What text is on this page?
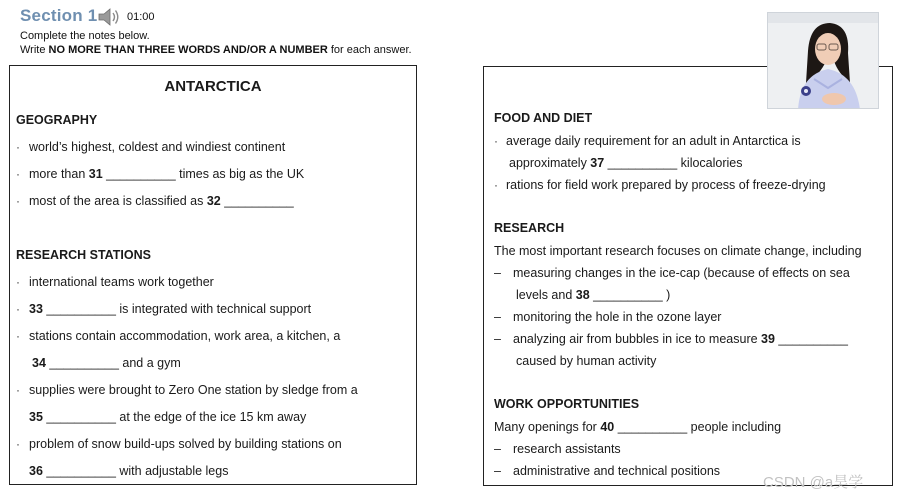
Section 1	01:00
Complete the notes below.
Write NO MORE THAN THREE WORDS AND/OR A NUMBER for each answer.
ANTARCTICA
GEOGRAPHY
· world’s highest, coldest and windiest continent
· more than 31 __________ times as big as the UK
· most of the area is classified as 32 __________
RESEARCH STATIONS
· international teams work together
· 33 __________ is integrated with technical support
· stations contain accommodation, work area, a kitchen, a
34 __________ and a gym
· supplies were brought to Zero One station by sledge from a
35 __________ at the edge of the ice 15 km away
· problem of snow build-ups solved by building stations on
36 __________ with adjustable legs
FOOD AND DIET
· average daily requirement for an adult in Antarctica is
approximately 37 __________ kilocalories
· rations for field work prepared by process of freeze-drying
RESEARCH
The most important research focuses on climate change, including
– measuring changes in the ice-cap (because of effects on sea
levels and 38 __________ )
– monitoring the hole in the ozone layer
– analyzing air from bubbles in ice to measure 39 __________
caused by human activity
WORK OPPORTUNITIES
Many openings for 40 __________ people including
– research assistants
– administrative and technical positions
CSDN @a昊学
